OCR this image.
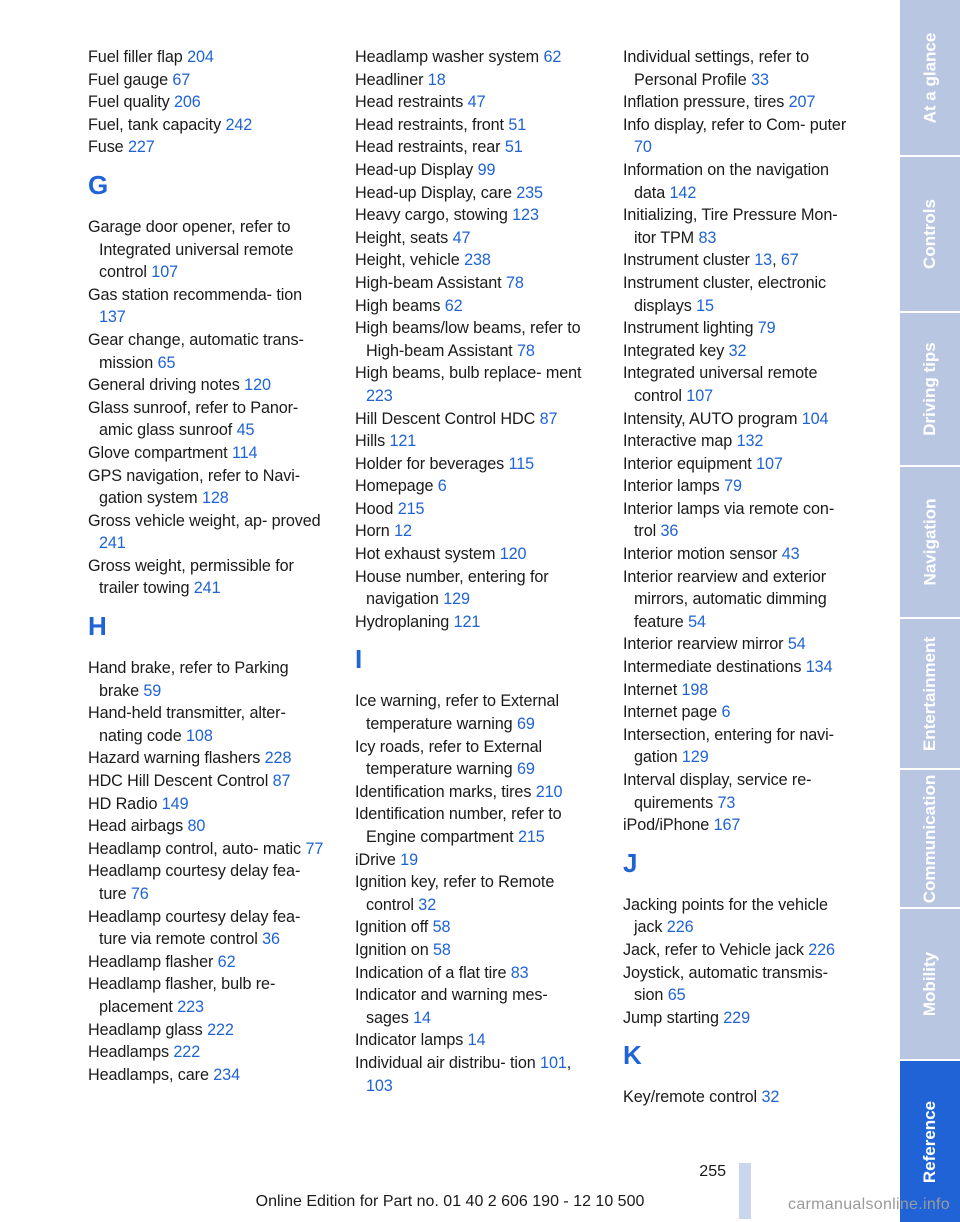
Fuel filler flap 204
Fuel gauge 67
Fuel quality 206
Fuel, tank capacity 242
Fuse 227
G
Garage door opener, refer to Integrated universal remote control 107
Gas station recommenda‐ tion 137
Gear change, automatic trans‐ mission 65
General driving notes 120
Glass sunroof, refer to Panor‐ amic glass sunroof 45
Glove compartment 114
GPS navigation, refer to Navi‐ gation system 128
Gross vehicle weight, ap‐ proved 241
Gross weight, permissible for trailer towing 241
H
Hand brake, refer to Parking brake 59
Hand-held transmitter, alter‐ nating code 108
Hazard warning flashers 228
HDC Hill Descent Control 87
HD Radio 149
Head airbags 80
Headlamp control, auto‐ matic 77
Headlamp courtesy delay fea‐ ture 76
Headlamp courtesy delay fea‐ ture via remote control 36
Headlamp flasher 62
Headlamp flasher, bulb re‐ placement 223
Headlamp glass 222
Headlamps 222
Headlamps, care 234
Headlamp washer system 62
Headliner 18
Head restraints 47
Head restraints, front 51
Head restraints, rear 51
Head-up Display 99
Head-up Display, care 235
Heavy cargo, stowing 123
Height, seats 47
Height, vehicle 238
High-beam Assistant 78
High beams 62
High beams/low beams, refer to High-beam Assistant 78
High beams, bulb replace‐ ment 223
Hill Descent Control HDC 87
Hills 121
Holder for beverages 115
Homepage 6
Hood 215
Horn 12
Hot exhaust system 120
House number, entering for navigation 129
Hydroplaning 121
I
Ice warning, refer to External temperature warning 69
Icy roads, refer to External temperature warning 69
Identification marks, tires 210
Identification number, refer to Engine compartment 215
iDrive 19
Ignition key, refer to Remote control 32
Ignition off 58
Ignition on 58
Indication of a flat tire 83
Indicator and warning mes‐ sages 14
Indicator lamps 14
Individual air distribu‐ tion 101, 103
Individual settings, refer to Personal Profile 33
Inflation pressure, tires 207
Info display, refer to Com‐ puter 70
Information on the navigation data 142
Initializing, Tire Pressure Mon‐ itor TPM 83
Instrument cluster 13, 67
Instrument cluster, electronic displays 15
Instrument lighting 79
Integrated key 32
Integrated universal remote control 107
Intensity, AUTO program 104
Interactive map 132
Interior equipment 107
Interior lamps 79
Interior lamps via remote con‐ trol 36
Interior motion sensor 43
Interior rearview and exterior mirrors, automatic dimming feature 54
Interior rearview mirror 54
Intermediate destinations 134
Internet 198
Internet page 6
Intersection, entering for navi‐ gation 129
Interval display, service re‐ quirements 73
iPod/iPhone 167
J
Jacking points for the vehicle jack 226
Jack, refer to Vehicle jack 226
Joystick, automatic transmis‐ sion 65
Jump starting 229
K
Key/remote control 32
At a glance
Controls
Driving tips
Navigation
Entertainment
Communication
Mobility
Reference
255
Online Edition for Part no. 01 40 2 606 190 - 12 10 500	carmanualsonline.info
